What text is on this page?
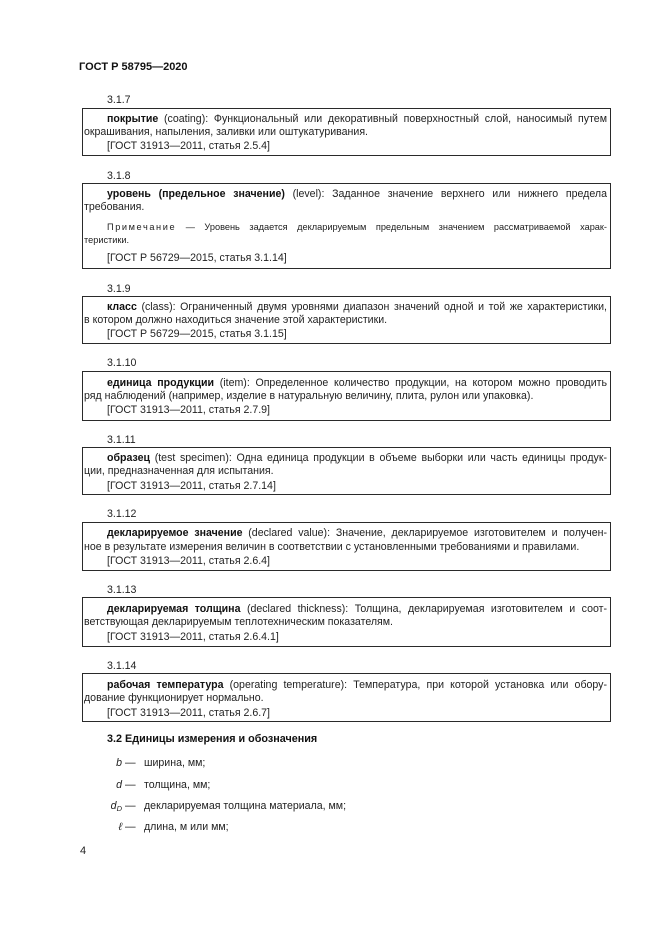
ГОСТ Р 58795—2020
3.1.7
покрытие (coating): Функциональный или декоративный поверхностный слой, наносимый путем
окрашивания, напыления, заливки или оштукатуривания.
[ГОСТ 31913—2011, статья 2.5.4]
3.1.8
уровень (предельное значение) (level): Заданное значение верхнего или нижнего предела
требования.
Примечание — Уровень задается декларируемым предельным значением рассматриваемой харак-
теристики.
[ГОСТ Р 56729—2015, статья 3.1.14]
3.1.9
класс (class): Ограниченный двумя уровнями диапазон значений одной и той же характеристики,
в котором должно находиться значение этой характеристики.
[ГОСТ Р 56729—2015, статья 3.1.15]
3.1.10
единица продукции (item): Определенное количество продукции, на котором можно проводить
ряд наблюдений (например, изделие в натуральную величину, плита, рулон или упаковка).
[ГОСТ 31913—2011, статья 2.7.9]
3.1.11
образец (test specimen): Одна единица продукции в объеме выборки или часть единицы продук-
ции, предназначенная для испытания.
[ГОСТ 31913—2011, статья 2.7.14]
3.1.12
декларируемое значение (declared value): Значение, декларируемое изготовителем и получен-
ное в результате измерения величин в соответствии с установленными требованиями и правилами.
[ГОСТ 31913—2011, статья 2.6.4]
3.1.13
декларируемая толщина (declared thickness): Толщина, декларируемая изготовителем и соот-
ветствующая декларируемым теплотехническим показателям.
[ГОСТ 31913—2011, статья 2.6.4.1]
3.1.14
рабочая температура (operating temperature): Температура, при которой установка или обору-
дование функционирует нормально.
[ГОСТ 31913—2011, статья 2.6.7]
3.2 Единицы измерения и обозначения
b — ширина, мм;
d — толщина, мм;
$d_D$ — декларируемая толщина материала, мм;
ℓ — длина, м или мм;
4
